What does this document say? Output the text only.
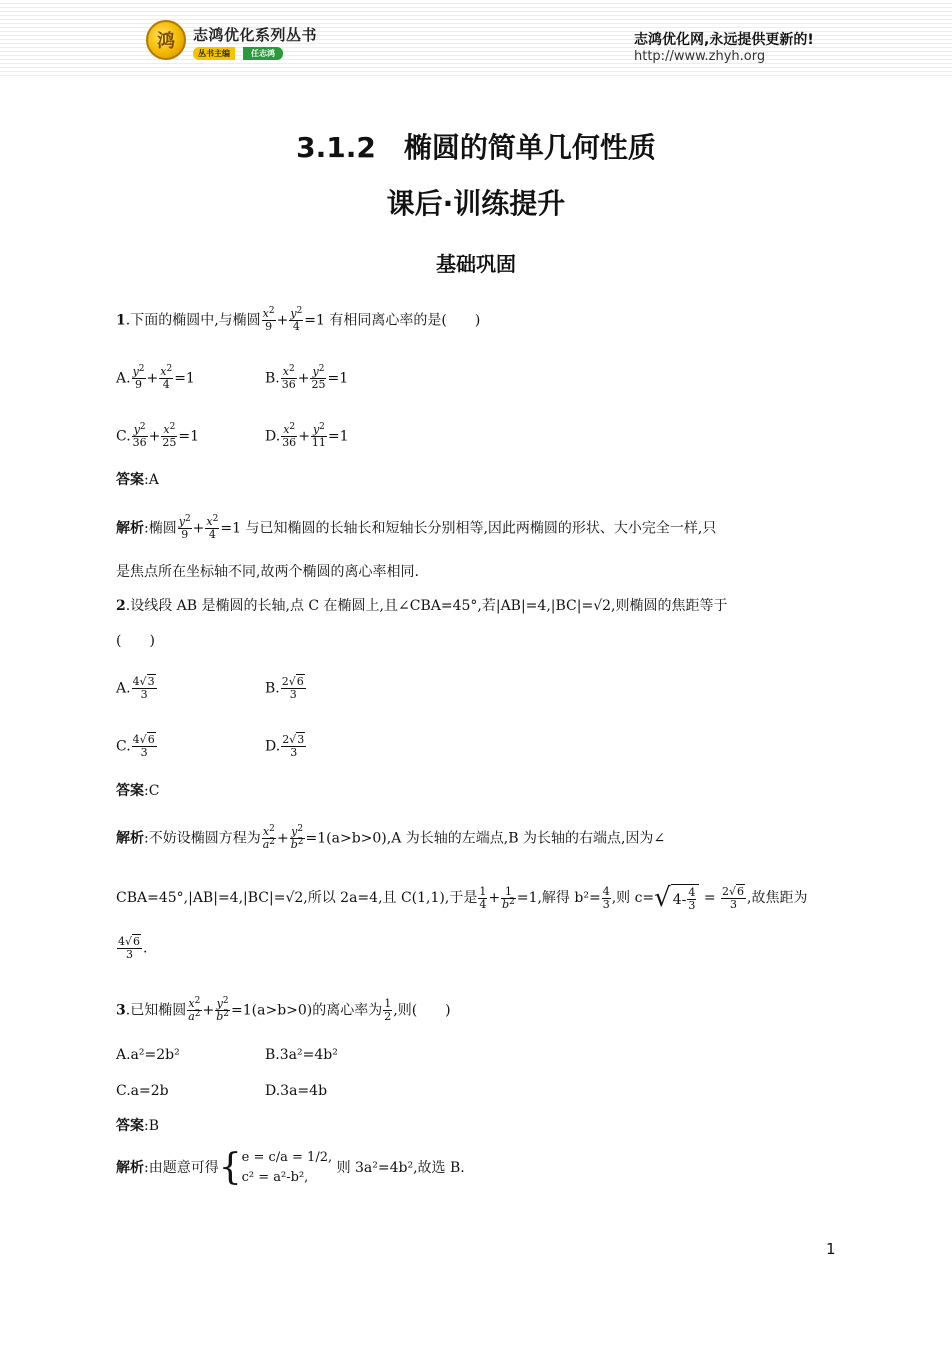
鸿 志鸿优化系列丛书
丛书主编	任志鸿
志鸿优化网,永远提供更新的!
http://www.zhyh.org
3.1.2　椭圆的简单几何性质
课后·训练提升
基础巩固
1.下面的椭圆中,与椭圆 $\frac{x^2}{9} + \frac{y^2}{4} =1$ 有相同离心率的是(　　)
A. $\frac{y^2}{9} + \frac{x^2}{4} =1$	B. $\frac{x^2}{36} + \frac{y^2}{25} =1$
C. $\frac{y^2}{36} + \frac{x^2}{25} =1$	D. $\frac{x^2}{36} + \frac{y^2}{11} =1$
答案:A
解析:椭圆 $\frac{y^2}{9} + \frac{x^2}{4} =1$ 与已知椭圆的长轴长和短轴长分别相等,因此两椭圆的形状、大小完全一样,只
是焦点所在坐标轴不同,故两个椭圆的离心率相同.
2.设线段 AB 是椭圆的长轴,点 C 在椭圆上,且∠CBA=45°,若|AB|=4,|BC|=√2,则椭圆的焦距等于
(　　)
A. $\frac{4√3}{3}$	B. $\frac{2√6}{3}$
C. $\frac{4√6}{3}$	D. $\frac{2√3}{3}$
答案:C
解析:不妨设椭圆方程为 $\frac{x^2}{a^2} + \frac{y^2}{b^2} =1(a>b>0),A$ 为长轴的左端点,B 为长轴的右端点,因为∠
CBA=45°,|AB|=4,|BC|=√2,所以 2a=4,且 C(1,1),于是 $\frac{1}{4} + \frac{1}{b^2} =1$,解得 $b^2= \frac{4}{3}$ ,则 c= √ $4- \frac{4}{3} = \frac{2√6}{3}$ ,故焦距为
$\frac{4√6}{3}$ .
3.已知椭圆 $\frac{x^2}{a^2} + \frac{y^2}{b^2} =1(a>b>0)$的离心率为 $\frac{1}{2}$ ,则(　　)
A.a²=2b²	B.3a²=4b²
C.a=2b	D.3a=4b
答案:B
解析:由题意可得 { e = c/a = 1/2,
c² = a²-b²,
则 3a²=4b²,故选 B.
1
